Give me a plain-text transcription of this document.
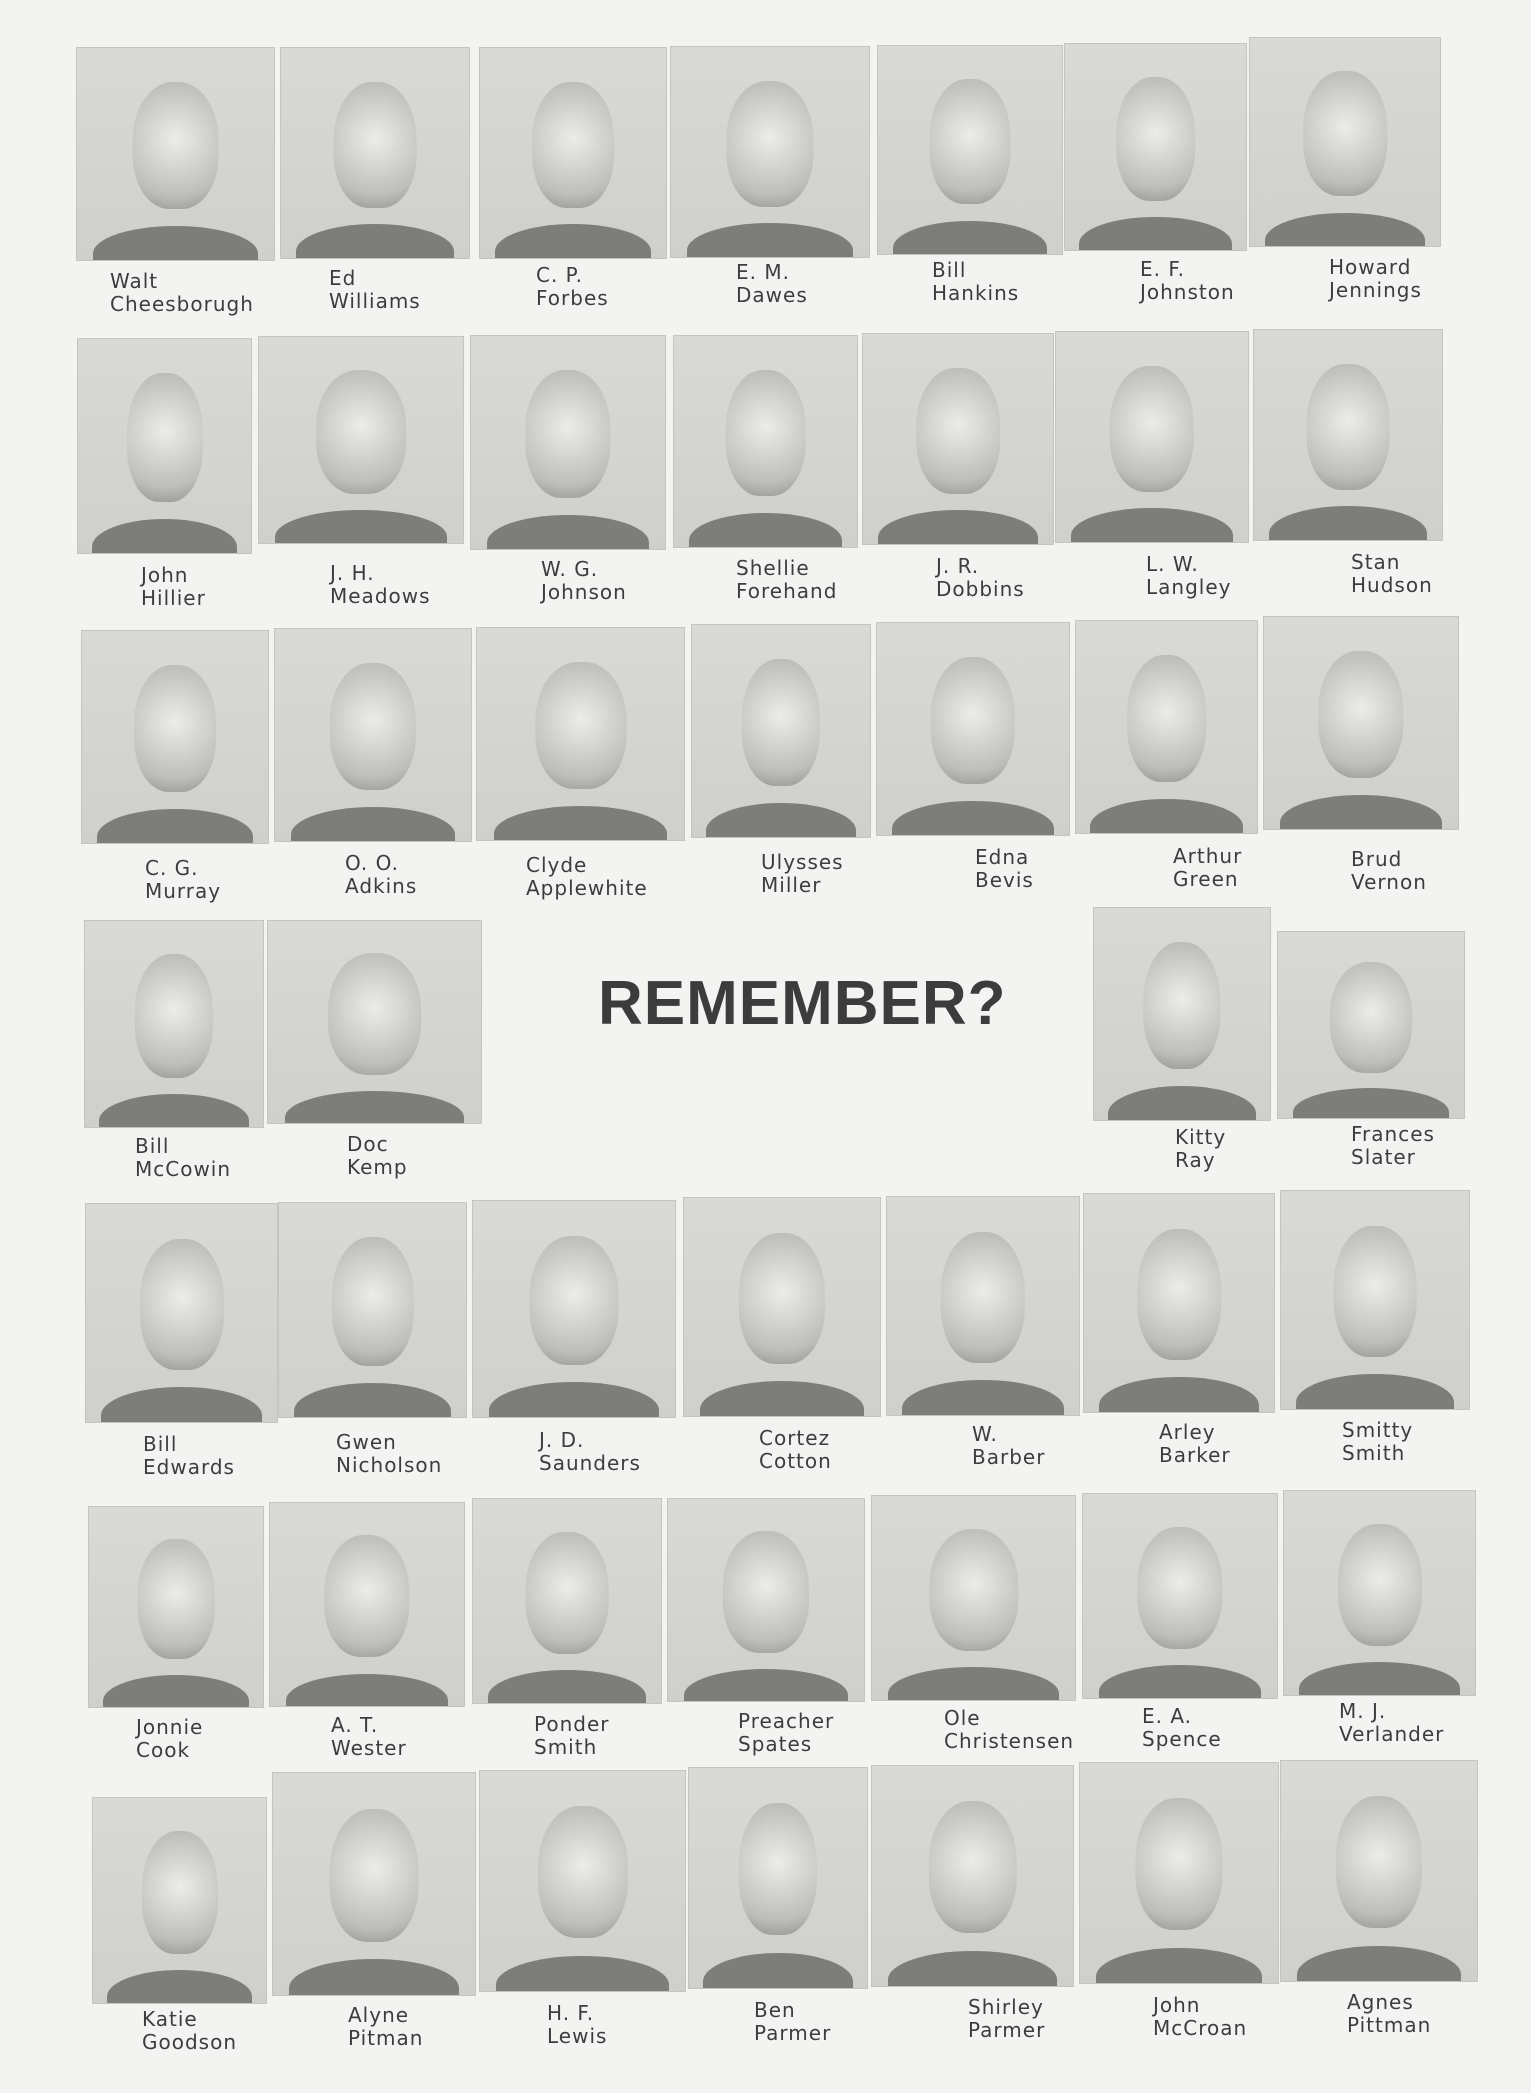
REMEMBER?
Walt
Cheesborugh
Ed
Williams
C. P.
Forbes
E. M.
Dawes
Bill
Hankins
E. F.
Johnston
Howard
Jennings
John
Hillier
J. H.
Meadows
W. G.
Johnson
Shellie
Forehand
J. R.
Dobbins
L. W.
Langley
Stan
Hudson
C. G.
Murray
O. O.
Adkins
Clyde
Applewhite
Ulysses
Miller
Edna
Bevis
Arthur
Green
Brud
Vernon
Bill
McCowin
Doc
Kemp
Kitty
Ray
Frances
Slater
Bill
Edwards
Gwen
Nicholson
J. D.
Saunders
Cortez
Cotton
W.
Barber
Arley
Barker
Smitty
Smith
Jonnie
Cook
A. T.
Wester
Ponder
Smith
Preacher
Spates
Ole
Christensen
E. A.
Spence
M. J.
Verlander
Katie
Goodson
Alyne
Pitman
H. F.
Lewis
Ben
Parmer
Shirley
Parmer
John
McCroan
Agnes
Pittman
